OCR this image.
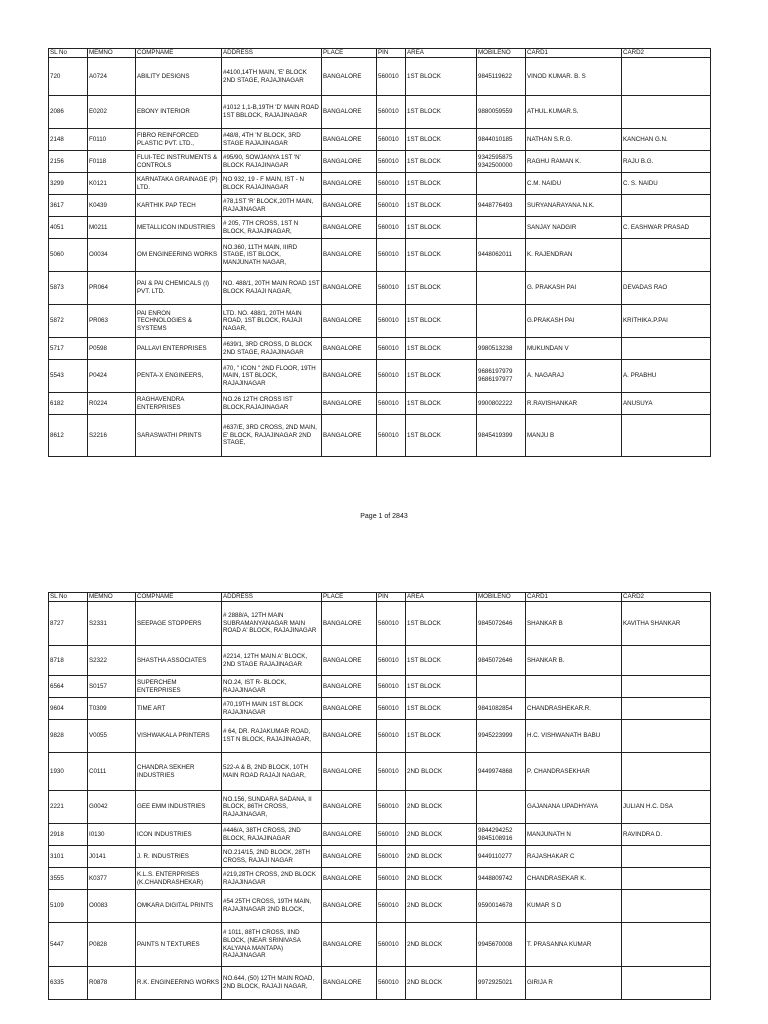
SL No	MEMNO	COMPNAME	ADDRESS	PLACE	PIN	AREA	MOBILENO	CARD1	CARD2
720	A0724	ABILITY DESIGNS	#4100,14TH MAIN, 'E' BLOCK 2ND STAGE, RAJAJINAGAR	BANGALORE	560010	1ST BLOCK	9845119622	VINOD KUMAR. B. S	
2086	E0202	EBONY INTERIOR	#1012 1,1-B,19TH 'D' MAIN ROAD 1ST BBLOCK, RAJAJINAGAR	BANGALORE	560010	1ST BLOCK	9880059559	ATHUL.KUMAR.S.	
2148	F0110	FIBRO REINFORCED PLASTIC PVT. LTD.,	#48/8, 4TH 'N' BLOCK, 3RD STAGE RAJAJINAGAR	BANGALORE	560010	1ST BLOCK	9844010185	NATHAN S.R.G.	KANCHAN G.N.
2156	F0118	FLUI-TEC INSTRUMENTS & CONTROLS	#95/90, SOWJANYA 1ST 'N' BLOCK RAJAJINAGAR	BANGALORE	560010	1ST BLOCK	9342595875 9342500000	RAGHU RAMAN K.	RAJU B.G.
3299	K0121	KARNATAKA GRAINAGE (P) LTD.	NO 932, 19 - F MAIN, IST - N BLOCK RAJAJINAGAR	BANGALORE	560010	1ST BLOCK		C.M. NAIDU	C. S. NAIDU
3617	K0439	KARTHIK PAP TECH	#78,1ST 'R' BLOCK,20TH MAIN, RAJAJINAGAR	BANGALORE	560010	1ST BLOCK	9448776493	SURYANARAYANA.N.K.	
4051	M0211	METALLICON INDUSTRIES	# 205, 7TH CROSS, 1ST N BLOCK, RAJAJINAGAR,	BANGALORE	560010	1ST BLOCK		SANJAY NADGIR	C. EASHWAR PRASAD
5060	O0034	OM ENGINEERING WORKS	NO.360, 11TH MAIN, IIIRD STAGE, IST BLOCK, MANJUNATH NAGAR,	BANGALORE	560010	1ST BLOCK	9448062011	K. RAJENDRAN	
5873	PR064	PAI & PAI CHEMICALS (I) PVT. LTD.	NO. 488/1, 20TH MAIN ROAD 1ST BLOCK RAJAJI NAGAR,	BANGALORE	560010	1ST BLOCK		G. PRAKASH PAI	DEVADAS RAO
5872	PR063	PAI ENRON TECHNOLOGIES & SYSTEMS	LTD. NO. 488/1, 20TH MAIN ROAD, 1ST BLOCK, RAJAJI NAGAR,	BANGALORE	560010	1ST BLOCK		G.PRAKASH PAI	KRITHIKA.P.PAI
5717	P0598	PALLAVI ENTERPRISES	#639/1, 3RD CROSS, D BLOCK 2ND STAGE, RAJAJINAGAR	BANGALORE	560010	1ST BLOCK	9980513238	MUKUNDAN V	
5543	P0424	PENTA-X ENGINEERS,	#70, " ICON " 2ND FLOOR, 19TH MAIN, 1ST BLOCK, RAJAJINAGAR	BANGALORE	560010	1ST BLOCK	9686197979 9686197977	A. NAGARAJ	A. PRABHU
6182	R0224	RAGHAVENDRA ENTERPRISES	NO.26 12TH CROSS IST BLOCK,RAJAJINAGAR	BANGALORE	560010	1ST BLOCK	9900802222	R.RAVISHANKAR	ANUSUYA
8612	S2216	SARASWATHI PRINTS	#637/E, 3RD CROSS, 2ND MAIN, E' BLOCK, RAJAJINAGAR 2ND STAGE,	BANGALORE	560010	1ST BLOCK	9845419399	MANJU B	
Page 1 of 2843
SL No	MEMNO	COMPNAME	ADDRESS	PLACE	PIN	AREA	MOBILENO	CARD1	CARD2
8727	S2331	SEEPAGE STOPPERS	# 2888/A, 12TH MAIN SUBRAMANYANAGAR MAIN ROAD A' BLOCK, RAJAJINAGAR	BANGALORE	560010	1ST BLOCK	9845072646	SHANKAR B	KAVITHA SHANKAR
8718	S2322	SHASTHA ASSOCIATES	#2214, 12TH MAIN A' BLOCK, 2ND STAGE RAJAJINAGAR	BANGALORE	560010	1ST BLOCK	9845072646	SHANKAR B.	
6564	S0157	SUPERCHEM ENTERPRISES	NO.24, IST R- BLOCK, RAJAJINAGAR	BANGALORE	560010	1ST BLOCK			
9604	T0309	TIME ART	#70,19TH MAIN 1ST BLOCK RAJAJINAGAR	BANGALORE	560010	1ST BLOCK	9841082854	CHANDRASHEKAR.R.	
9828	V0055	VISHWAKALA PRINTERS	# 64, DR. RAJAKUMAR ROAD, 1ST N BLOCK, RAJAJINAGAR,	BANGALORE	560010	1ST BLOCK	9945223999	H.C. VISHWANATH BABU	
1930	C0111	CHANDRA SEKHER INDUSTRIES	522-A & B, 2ND BLOCK, 10TH MAIN ROAD RAJAJI NAGAR,	BANGALORE	560010	2ND BLOCK	9449974868	P. CHANDRASEKHAR	
2221	G0042	GEE EMM INDUSTRIES	NO.156, SUNDARA SADANA, II BLOCK, 86TH CROSS, RAJAJINAGAR,	BANGALORE	560010	2ND BLOCK		GAJANANA UPADHYAYA	JULIAN H.C. DSA
2918	I0130	ICON INDUSTRIES	#446/A, 38TH CROSS, 2ND BLOCK, RAJAJINAGAR	BANGALORE	560010	2ND BLOCK	9844294252 9845108916	MANJUNATH N	RAVINDRA D.
3101	J0141	J. R. INDUSTRIES	NO.214/15, 2ND BLOCK, 28TH CROSS, RAJAJI NAGAR	BANGALORE	560010	2ND BLOCK	9449110277	RAJASHAKAR C	
3555	K0377	K.L.S. ENTERPRISES (K.CHANDRASHEKAR)	#219,28TH CROSS, 2ND BLOCK RAJAJINAGAR	BANGALORE	560010	2ND BLOCK	9448809742	CHANDRASEKAR K.	
5109	O0083	OMKARA DIGITAL PRINTS	#54 25TH CROSS, 19TH MAIN, RAJAJINAGAR 2ND BLOCK,	BANGALORE	560010	2ND BLOCK	9590014678	KUMAR S D	
5447	P0828	PAINTS N TEXTURES	# 1011, 88TH CROSS, IIND BLOCK, (NEAR SRINIVASA KALYANA MANTAPA) RAJAJINAGAR	BANGALORE	560010	2ND BLOCK	9945670008	T. PRASANNA KUMAR	
6335	R0878	R.K. ENGINEERING WORKS	NO.644, (50) 12TH MAIN ROAD, 2ND BLOCK, RAJAJI NAGAR,	BANGALORE	560010	2ND BLOCK	9972925021	GIRIJA R	
